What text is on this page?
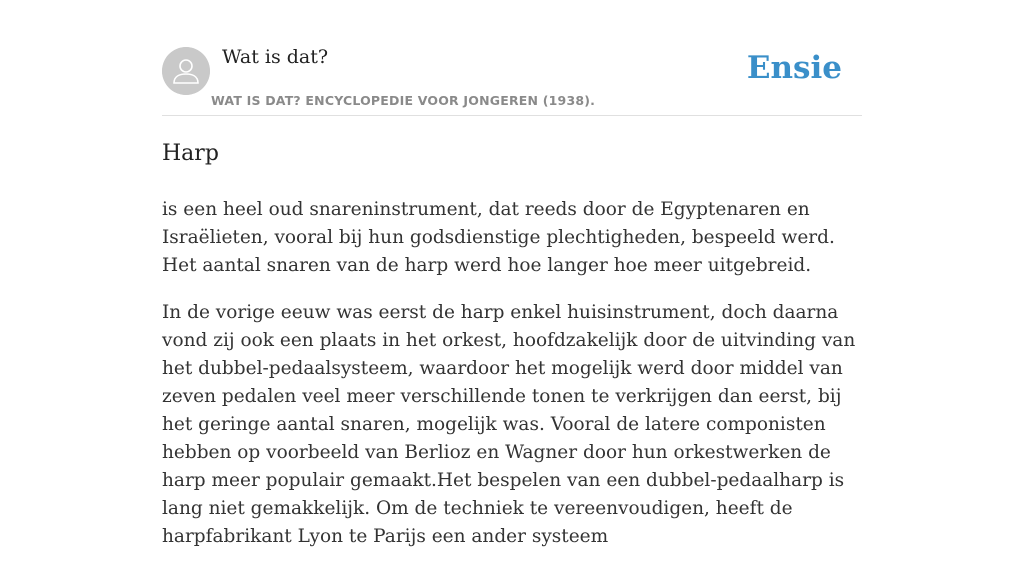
Wat is dat?
WAT IS DAT? ENCYCLOPEDIE VOOR JONGEREN (1938).
Ensie
Harp

is een heel oud snareninstrument, dat reeds door de Egyptenaren en Israëlieten, vooral bij hun godsdienstige plechtigheden, bespeeld werd. Het aantal snaren van de harp werd hoe langer hoe meer uitgebreid.

In de vorige eeuw was eerst de harp enkel huisinstrument, doch daarna vond zij ook een plaats in het orkest, hoofdzakelijk door de uitvinding van het dubbel-pedaalsysteem, waardoor het mogelijk werd door middel van zeven pedalen veel meer verschillende tonen te verkrijgen dan eerst, bij het geringe aantal snaren, mogelijk was. Vooral de latere componisten hebben op voorbeeld van Berlioz en Wagner door hun orkestwerken de harp meer populair gemaakt.Het bespelen van een dubbel-pedaalharp is lang niet gemakkelijk. Om de techniek te vereenvoudigen, heeft de harpfabrikant Lyon te Parijs een ander systeem
